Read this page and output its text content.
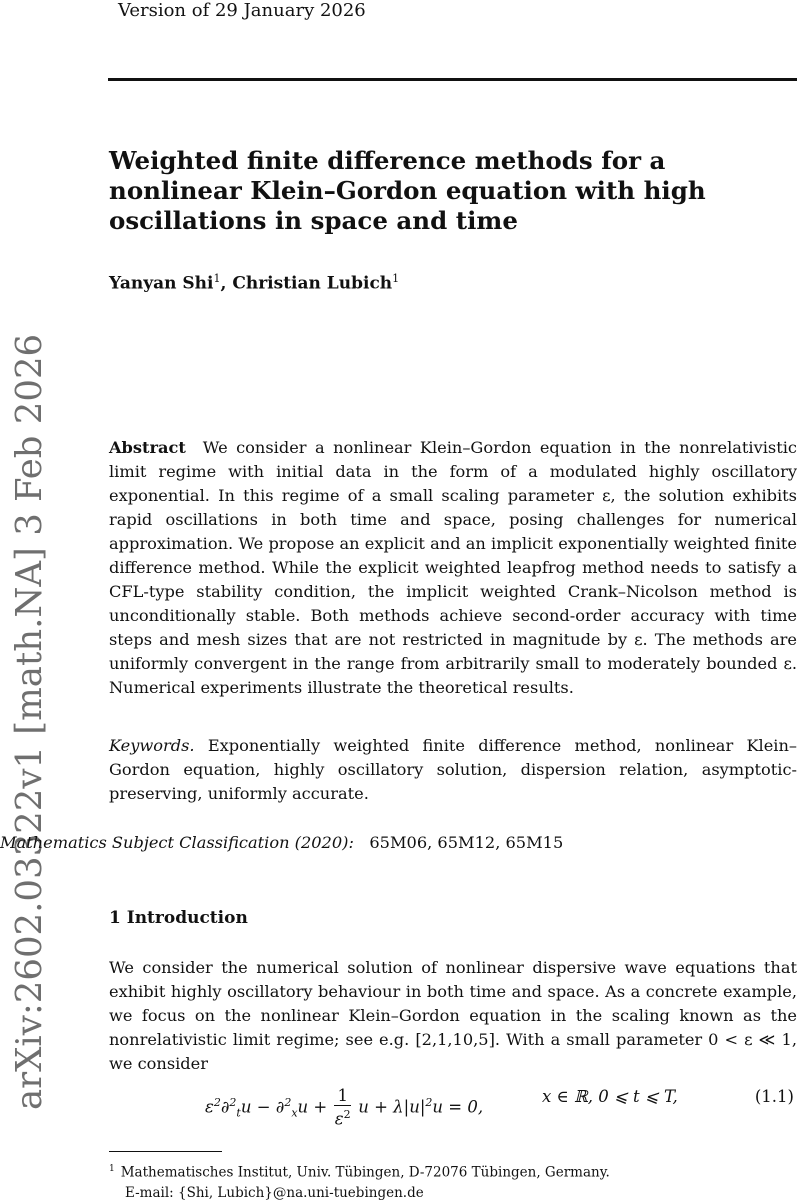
Version of 29 January 2026
Weighted finite difference methods for a nonlinear Klein–Gordon equation with high oscillations in space and time
Yanyan Shi$^1$, Christian Lubich$^1$
arXiv:2602.03322v1 [math.NA] 3 Feb 2026	Abstract We consider a nonlinear Klein–Gordon equation in the nonrelativistic limit regime with initial data in the form of a modulated highly oscillatory exponential. In this regime of a small scaling parameter ε, the solution exhibits rapid oscillations in both time and space, posing challenges for numerical approximation. We propose an explicit and an implicit exponentially weighted finite difference method. While the explicit weighted leapfrog method needs to satisfy a CFL-type stability condition, the implicit weighted Crank–Nicolson method is unconditionally stable. Both methods achieve second-order accuracy with time steps and mesh sizes that are not restricted in magnitude by ε. The methods are uniformly convergent in the range from arbitrarily small to moderately bounded ε. Numerical experiments illustrate the theoretical results.
Keywords. Exponentially weighted finite difference method, nonlinear Klein–Gordon equation, highly oscillatory solution, dispersion relation, asymptotic-preserving, uniformly accurate.
Mathematics Subject Classification (2020): 65M06, 65M12, 65M15
1 Introduction
We consider the numerical solution of nonlinear dispersive wave equations that exhibit highly oscillatory behaviour in both time and space. As a concrete example, we focus on the nonlinear Klein–Gordon equation in the scaling known as the nonrelativistic limit regime; see e.g. [2,1,10,5]. With a small parameter 0 < ε ≪ 1, we consider
$\varepsilon^2\partial^2_tu - \partial^2_xu + \frac{1}{\varepsilon^2}$ $u + \lambda|u|^2u = 0$,
x ∈ ℝ, 0 ⩽ t ⩽ T,	(1.1)
$^1$ Mathematisches Institut, Univ. Tübingen, D-72076 Tübingen, Germany.
E-mail: {Shi, Lubich}@na.uni-tuebingen.de
